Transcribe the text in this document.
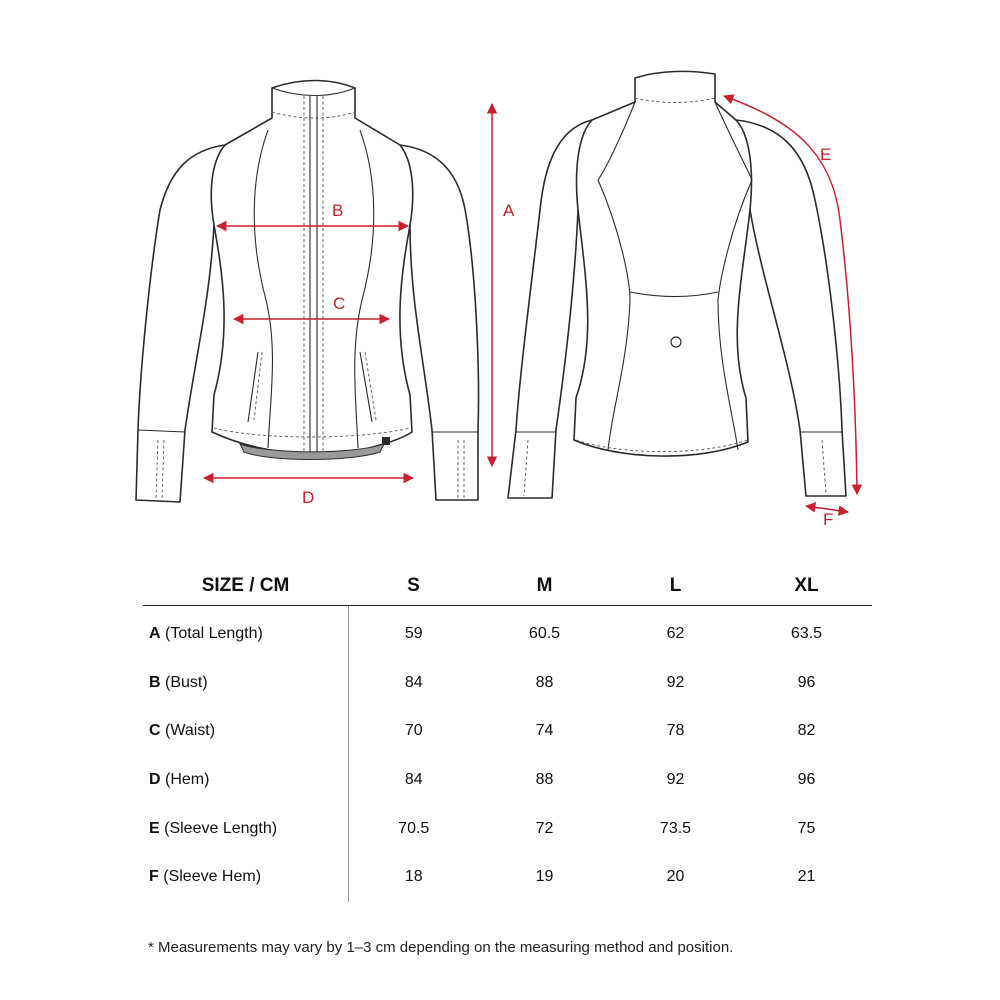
A
B
C
D
E
F
SIZE / CM	S	M	L	XL
A (Total Length)	59	60.5	62	63.5
B (Bust)	84	88	92	96
C (Waist)	70	74	78	82
D (Hem)	84	88	92	96
E (Sleeve Length)	70.5	72	73.5	75
F (Sleeve Hem)	18	19	20	21
* Measurements may vary by 1–3 cm depending on the measuring method and position.
